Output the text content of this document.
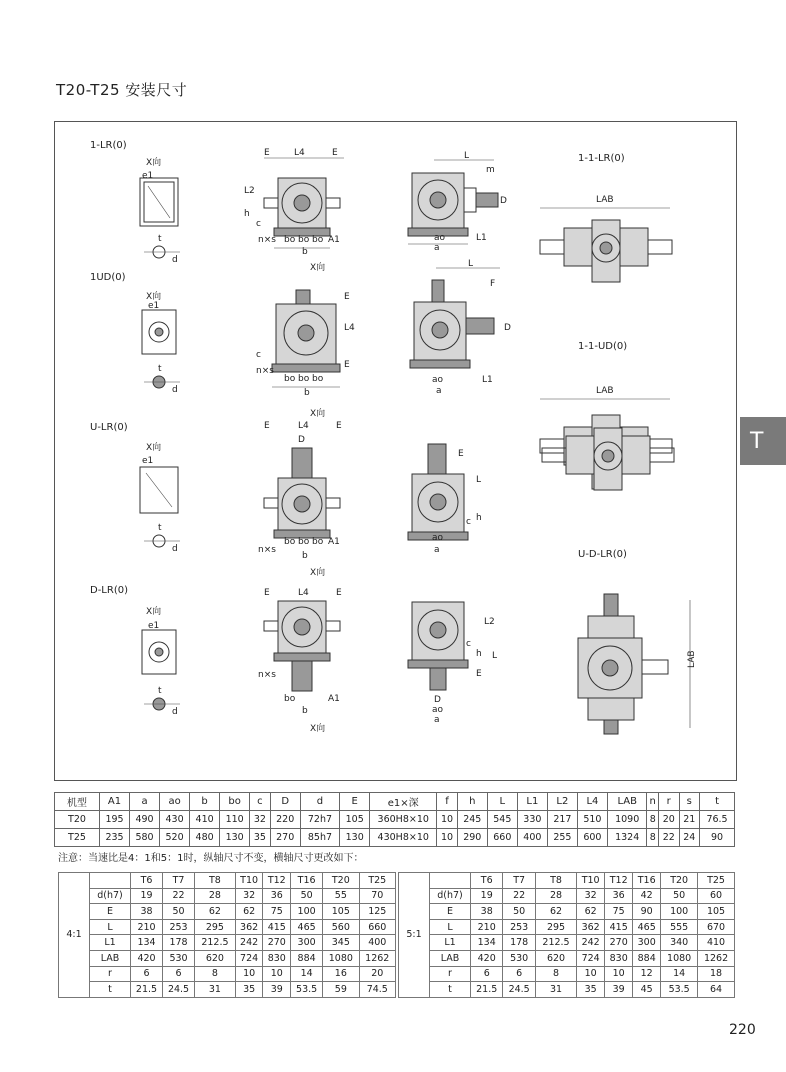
T20-T25 安装尺寸
1-LR(0)
1UD(0)
U-LR(0)
D-LR(0)
X向
X向
X向
X向
X向
X向
X向
X向
1-1-LR(0)
1-1-UD(0)
U-D-LR(0)
e1
t
d
E	L4	E
L2
h
c
n×s bo bo bo A1
b
L
m
D
ao	L1
a
LAB
e1
t
d
E
L4
E
c
n×s
bo bo bo
b
L
F
D
ao	L1
a	LAB
e1
t
d
E	L4	E
D
n×s
bo bo bo A1
b
E
L
c h
ao
a
e1
t
d
E	L4	E
n×s
bo	A1
b
L2
c
h L
E
D
ao
a
LAB
T
机型	A1	a	ao	b	bo	c	D	d	E	e1×深	f	h	L	L1	L2	L4	LAB	n	r	s	t
T20	195	490	430	410	110	32	220	72h7	105	360H8×10	10	245	545	330	217	510	1090	8	20	21	76.5
T25	235	580	520	480	130	35	270	85h7	130	430H8×10	10	290	660	400	255	600	1324	8	22	24	90
注意：当速比是4：1和5：1时，纵轴尺寸不变，横轴尺寸更改如下：
4:1		T6	T7	T8	T10	T12	T16	T20	T25
	d(h7)	19	22	28	32	36	50	55	70
	E	38	50	62	62	75	100	105	125
	L	210	253	295	362	415	465	560	660
	L1	134	178	212.5	242	270	300	345	400
	LAB	420	530	620	724	830	884	1080	1262
	r	6	6	8	10	10	14	16	20
	t	21.5	24.5	31	35	39	53.5	59	74.5
5:1		T6	T7	T8	T10	T12	T16	T20	T25
	d(h7)	19	22	28	32	36	42	50	60
	E	38	50	62	62	75	90	100	105
	L	210	253	295	362	415	465	555	670
	L1	134	178	212.5	242	270	300	340	410
	LAB	420	530	620	724	830	884	1080	1262
	r	6	6	8	10	10	12	14	18
	t	21.5	24.5	31	35	39	45	53.5	64
220
